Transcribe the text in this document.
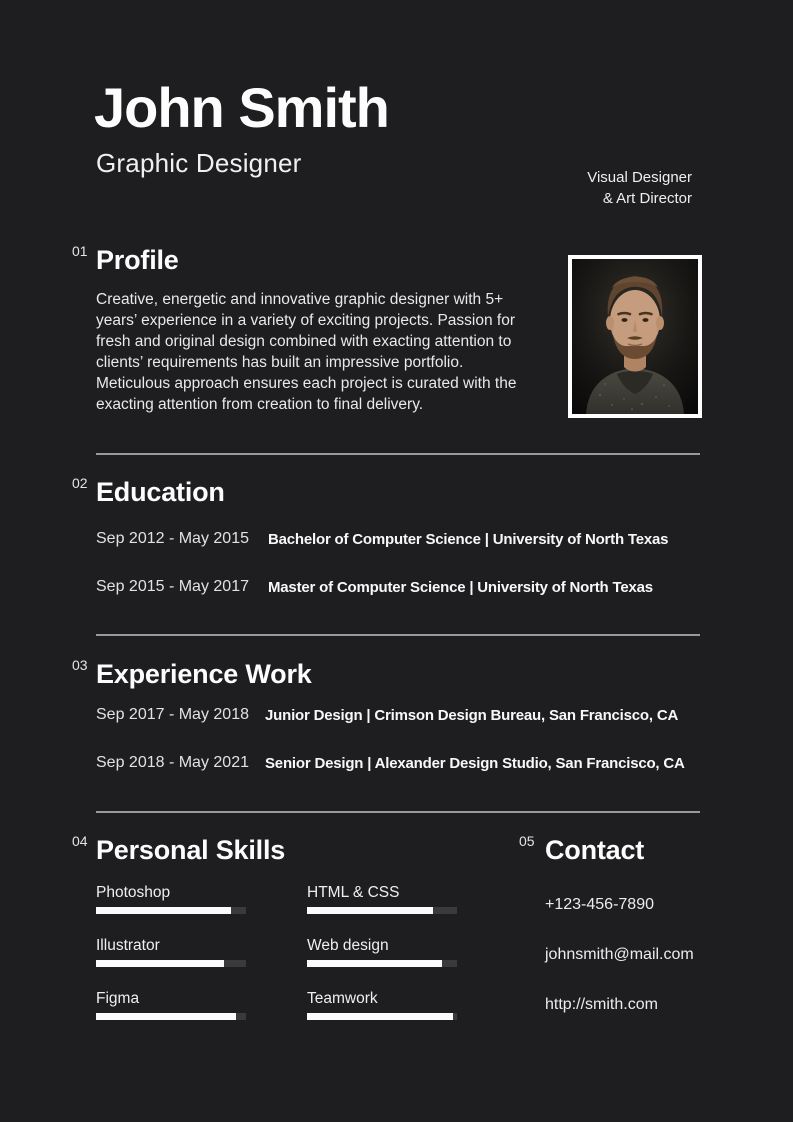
John Smith
Graphic Designer	Visual Designer
& Art Director
01 Profile
Creative, energetic and innovative graphic designer with 5+ years’ experience in a variety of exciting projects. Passion for fresh and original design combined with exacting attention to clients’ requirements has built an impressive portfolio. Meticulous approach ensures each project is curated with the exacting attention from creation to final delivery.
02 Education
Sep 2012 - May 2015	Bachelor of Computer Science | University of North Texas
Sep 2015 - May 2017	Master of Computer Science | University of North Texas
03 Experience Work
Sep 2017 - May 2018	Junior Design | Crimson Design Bureau, San Francisco, CA
Sep 2018 - May 2021	Senior Design | Alexander Design Studio, San Francisco, CA
04 Personal Skills
Photoshop
Illustrator
Figma
HTML & CSS
Web design
Teamwork
05 Contact
+123-456-7890
johnsmith@mail.com
http://smith.com
